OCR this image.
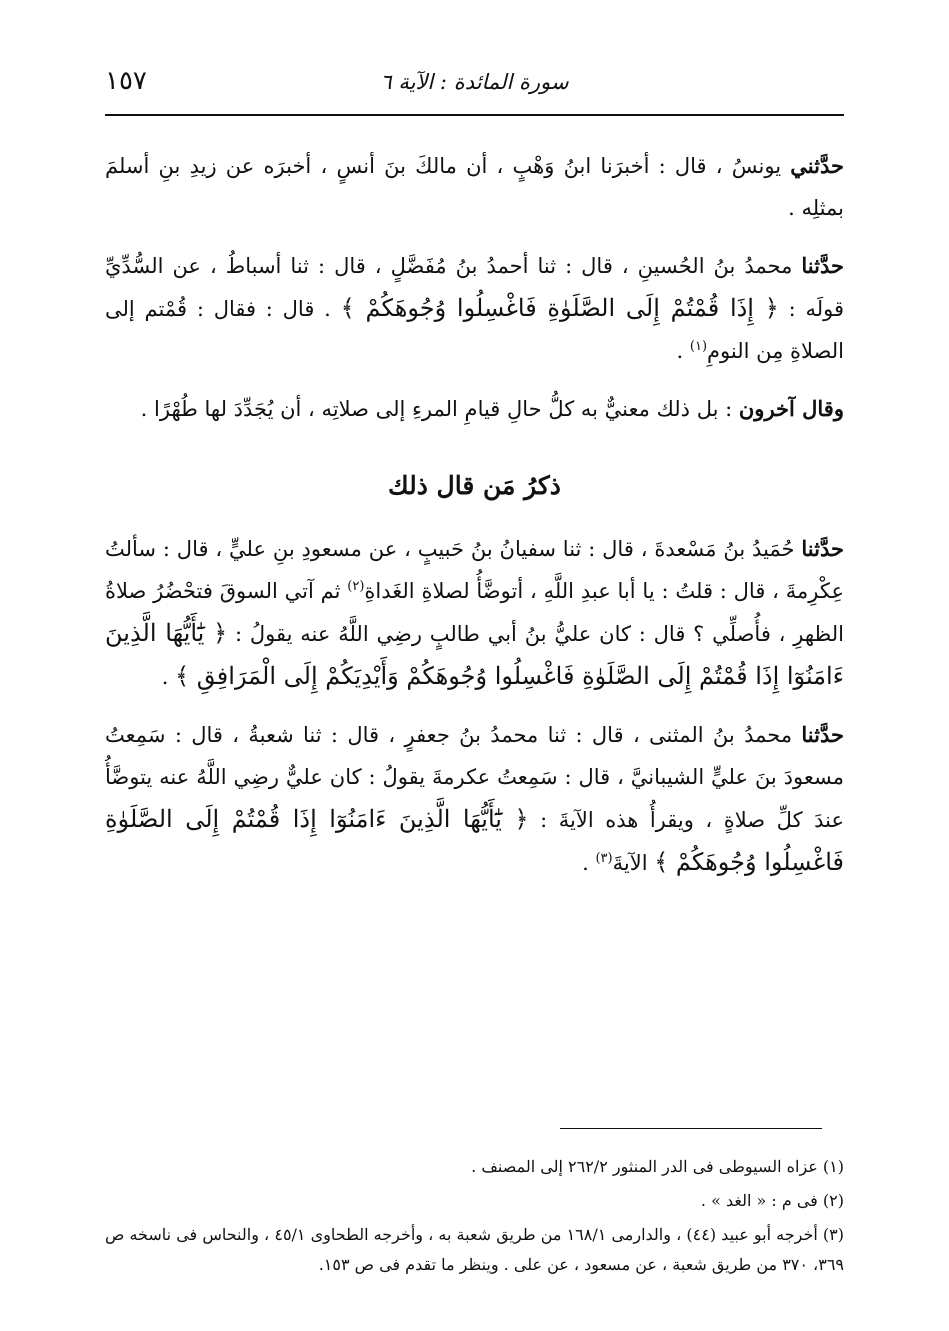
١٥٧	سورة المائدة : الآية ٦

حدَّثني يونسُ ، قال : أخبرَنا ابنُ وَهْبٍ ، أن مالكَ بنَ أنسٍ ، أخبرَه عن زيدِ بنِ أسلمَ بمثلِه .

حدَّثنا محمدُ بنُ الحُسينِ ، قال : ثنا أحمدُ بنُ مُفَضَّلٍ ، قال : ثنا أسباطُ ، عن السُّدِّيِّ قولَه : ﴿ إِذَا قُمْتُمْ إِلَى الصَّلَوٰةِ فَاغْسِلُوا وُجُوهَكُمْ ﴾ . قال : فقال : قُمْتم إلى الصلاةِ مِن النومِ$^{(١)}$ .

وقال آخرون : بل ذلك معنيٌّ به كلُّ حالِ قيامِ المرءِ إلى صلاتِه ، أن يُجَدِّدَ لها طُهْرًا .

ذكرُ مَن قال ذلك

حدَّثنا حُمَيدُ بنُ مَسْعدةَ ، قال : ثنا سفيانُ بنُ حَبيبٍ ، عن مسعودِ بنِ عليٍّ ، قال : سألتُ عِكْرِمةَ ، قال : قلتُ : يا أبا عبدِ اللَّهِ ، أتوضَّأُ لصلاةِ الغَداةِ$^{(٢)}$ ثم آتي السوقَ فتحْضُرُ صلاةُ الظهرِ ، فأُصلِّي ؟ قال : كان عليُّ بنُ أبي طالبٍ رضِي اللَّهُ عنه يقولُ : ﴿ يَٰٓأَيُّهَا الَّذِينَ ءَامَنُوٓا إِذَا قُمْتُمْ إِلَى الصَّلَوٰةِ فَاغْسِلُوا وُجُوهَكُمْ وَأَيْدِيَكُمْ إِلَى الْمَرَافِقِ ﴾ .

حدَّثنا محمدُ بنُ المثنى ، قال : ثنا محمدُ بنُ جعفرٍ ، قال : ثنا شعبةُ ، قال : سَمِعتُ مسعودَ بنَ عليٍّ الشيبانيَّ ، قال : سَمِعتُ عكرمةَ يقولُ : كان عليٌّ رضِي اللَّهُ عنه يتوضَّأُ عندَ كلِّ صلاةٍ ، ويقرأُ هذه الآيةَ : ﴿ يَٰٓأَيُّهَا الَّذِينَ ءَامَنُوٓا إِذَا قُمْتُمْ إِلَى الصَّلَوٰةِ فَاغْسِلُوا وُجُوهَكُمْ ﴾ الآيةَ$^{(٣)}$ .

(١) عزاه السيوطى فى الدر المنثور ٢٦٢/٢ إلى المصنف .

(٢) فى م : « الغد » .

(٣) أخرجه أبو عبيد (٤٤) ، والدارمى ١٦٨/١ من طريق شعبة به ، وأخرجه الطحاوى ٤٥/١ ، والنحاس فى ناسخه ص ٣٦٩، ٣٧٠ من طريق شعبة ، عن مسعود ، عن على . وينظر ما تقدم فى ص ١٥٣.
